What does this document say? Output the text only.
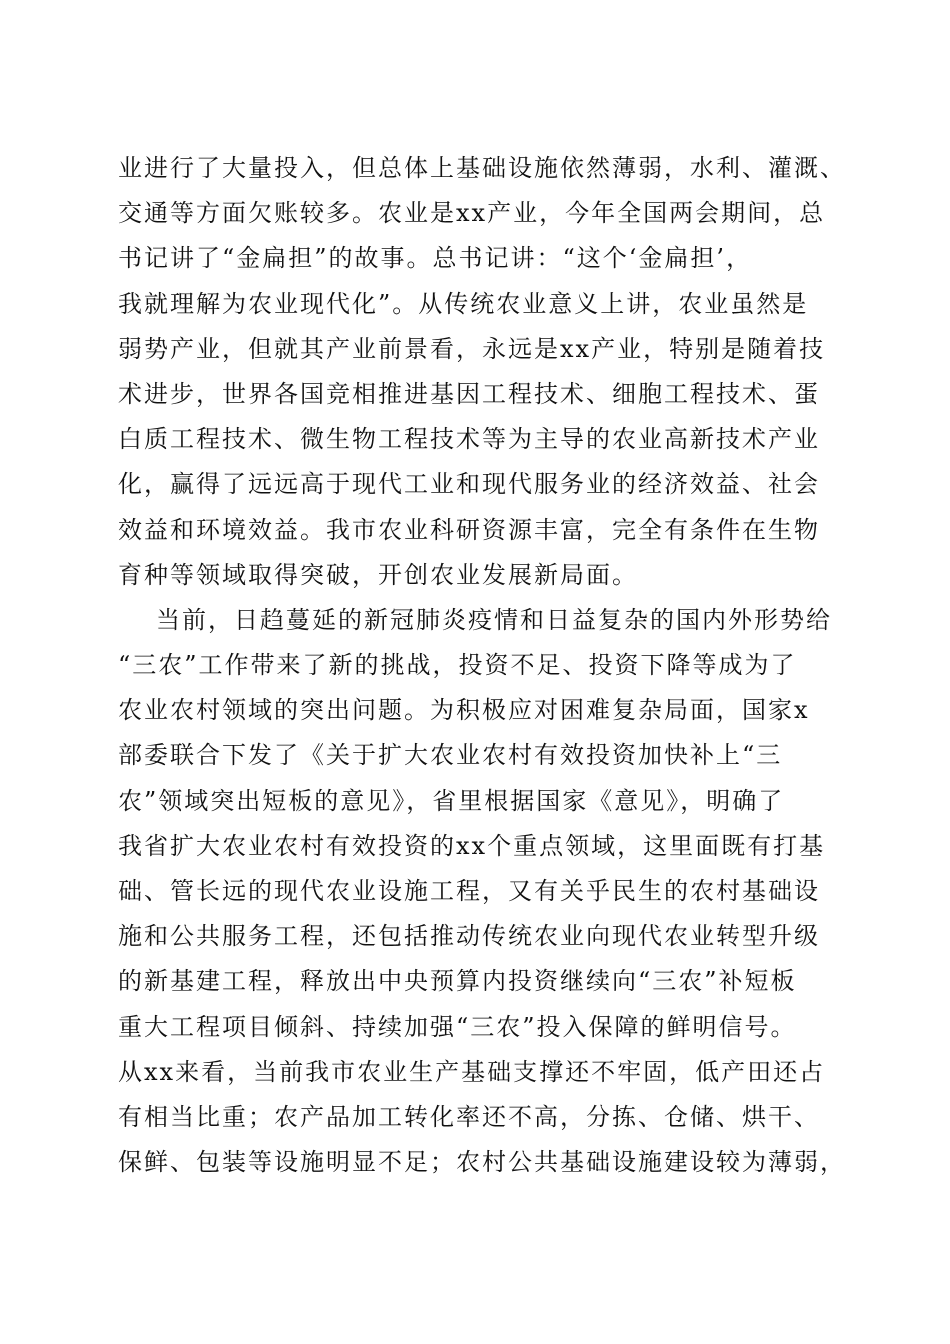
业进行了大量投入，但总体上基础设施依然薄弱，水利、灌溉、
交通等方面欠账较多。农业是xx产业，今年全国两会期间，总
书记讲了“金扁担”的故事。总书记讲：“这个‘金扁担’，
我就理解为农业现代化”。从传统农业意义上讲，农业虽然是
弱势产业，但就其产业前景看，永远是xx产业，特别是随着技
术进步，世界各国竞相推进基因工程技术、细胞工程技术、蛋
白质工程技术、微生物工程技术等为主导的农业高新技术产业
化，赢得了远远高于现代工业和现代服务业的经济效益、社会
效益和环境效益。我市农业科研资源丰富，完全有条件在生物
育种等领域取得突破，开创农业发展新局面。
当前，日趋蔓延的新冠肺炎疫情和日益复杂的国内外形势给
“三农”工作带来了新的挑战，投资不足、投资下降等成为了
农业农村领域的突出问题。为积极应对困难复杂局面，国家x
部委联合下发了《关于扩大农业农村有效投资加快补上“三
农”领域突出短板的意见》，省里根据国家《意见》，明确了
我省扩大农业农村有效投资的xx个重点领域，这里面既有打基
础、管长远的现代农业设施工程，又有关乎民生的农村基础设
施和公共服务工程，还包括推动传统农业向现代农业转型升级
的新基建工程，释放出中央预算内投资继续向“三农”补短板
重大工程项目倾斜、持续加强“三农”投入保障的鲜明信号。
从xx来看，当前我市农业生产基础支撑还不牢固，低产田还占
有相当比重；农产品加工转化率还不高，分拣、仓储、烘干、
保鲜、包装等设施明显不足；农村公共基础设施建设较为薄弱，
